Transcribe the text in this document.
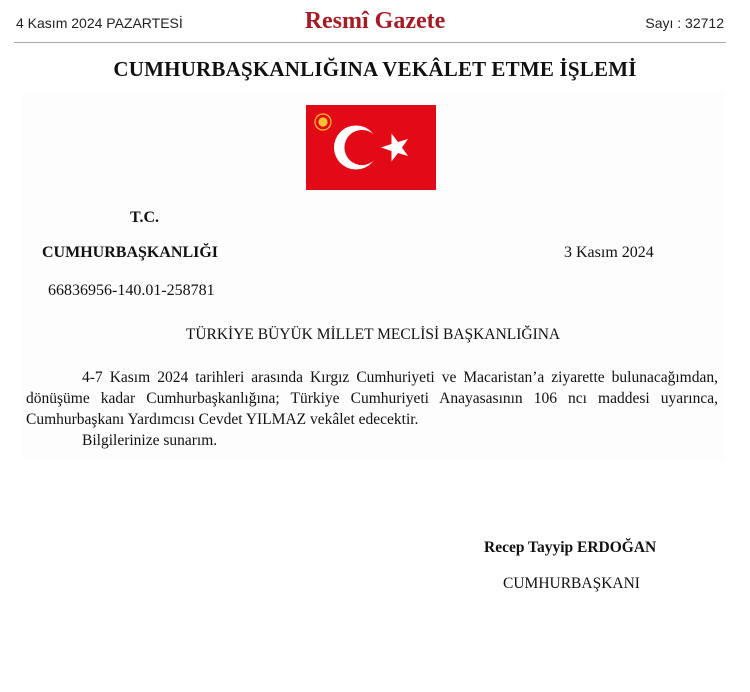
4 Kasım 2024 PAZARTESİ	Resmî Gazete	Sayı : 32712
CUMHURBAŞKANLIĞINA VEKÂLET ETME İŞLEMİ
T.C.
CUMHURBAŞKANLIĞI	3 Kasım 2024
66836956-140.01-258781
TÜRKİYE BÜYÜK MİLLET MECLİSİ BAŞKANLIĞINA

4-7 Kasım 2024 tarihleri arasında Kırgız Cumhuriyeti ve Macaristan’a ziyarette bulunacağımdan, dönüşüme kadar Cumhurbaşkanlığına; Türkiye Cumhuriyeti Anayasasının 106 ncı maddesi uyarınca, Cumhurbaşkanı Yardımcısı Cevdet YILMAZ vekâlet edecektir.

Bilgilerinize sunarım.

Recep Tayyip ERDOĞAN
CUMHURBAŞKANI
